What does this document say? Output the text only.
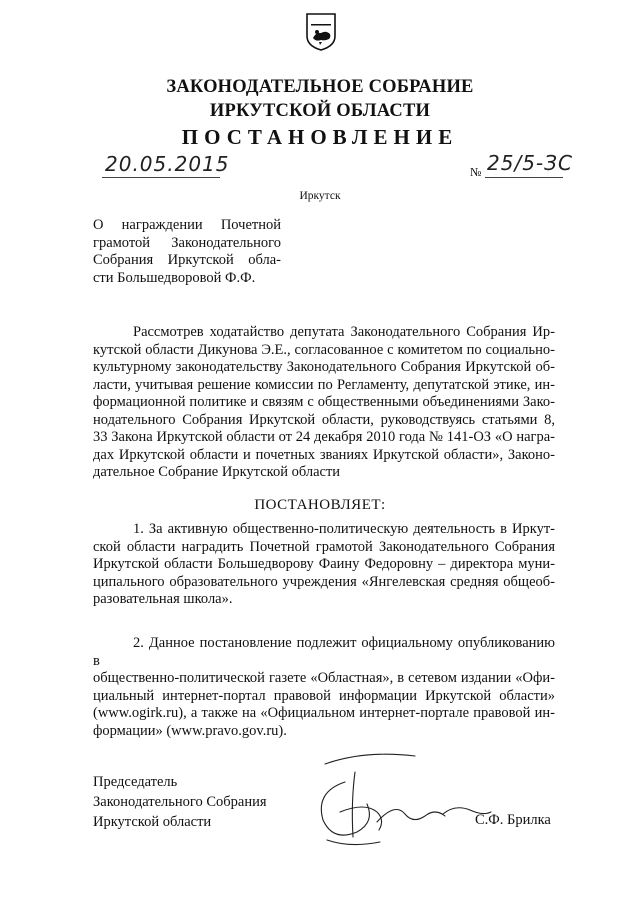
ЗАКОНОДАТЕЛЬНОЕ СОБРАНИЕ
ИРКУТСКОЙ ОБЛАСТИ
ПОСТАНОВЛЕНИЕ
20.05.2015	№ 25/5-ЗС
Иркутск
О награждении Почетной
грамотой Законодательного
Собрания Иркутской обла-
сти Большедворовой Ф.Ф.
Рассмотрев ходатайство депутата Законодательного Собрания Ир-
кутской области Дикунова Э.Е., согласованное с комитетом по социально-
культурному законодательству Законодательного Собрания Иркутской об-
ласти, учитывая решение комиссии по Регламенту, депутатской этике, ин-
формационной политике и связям с общественными объединениями Зако-
нодательного Собрания Иркутской области, руководствуясь статьями 8,
33 Закона Иркутской области от 24 декабря 2010 года № 141-ОЗ «О награ-
дах Иркутской области и почетных званиях Иркутской области», Законо-
дательное Собрание Иркутской области
ПОСТАНОВЛЯЕТ:
1. За активную общественно-политическую деятельность в Иркут-
ской области наградить Почетной грамотой Законодательного Собрания
Иркутской области Большедворову Фаину Федоровну – директора муни-
ципального образовательного учреждения «Янгелевская средняя общеоб-
разовательная школа».
2. Данное постановление подлежит официальному опубликованию в
общественно-политической газете «Областная», в сетевом издании «Офи-
циальный интернет-портал правовой информации Иркутской области»
(www.ogirk.ru), а также на «Официальном интернет-портале правовой ин-
формации» (www.pravo.gov.ru).
Председатель
Законодательного Собрания
Иркутской области	С.Ф. Брилка
